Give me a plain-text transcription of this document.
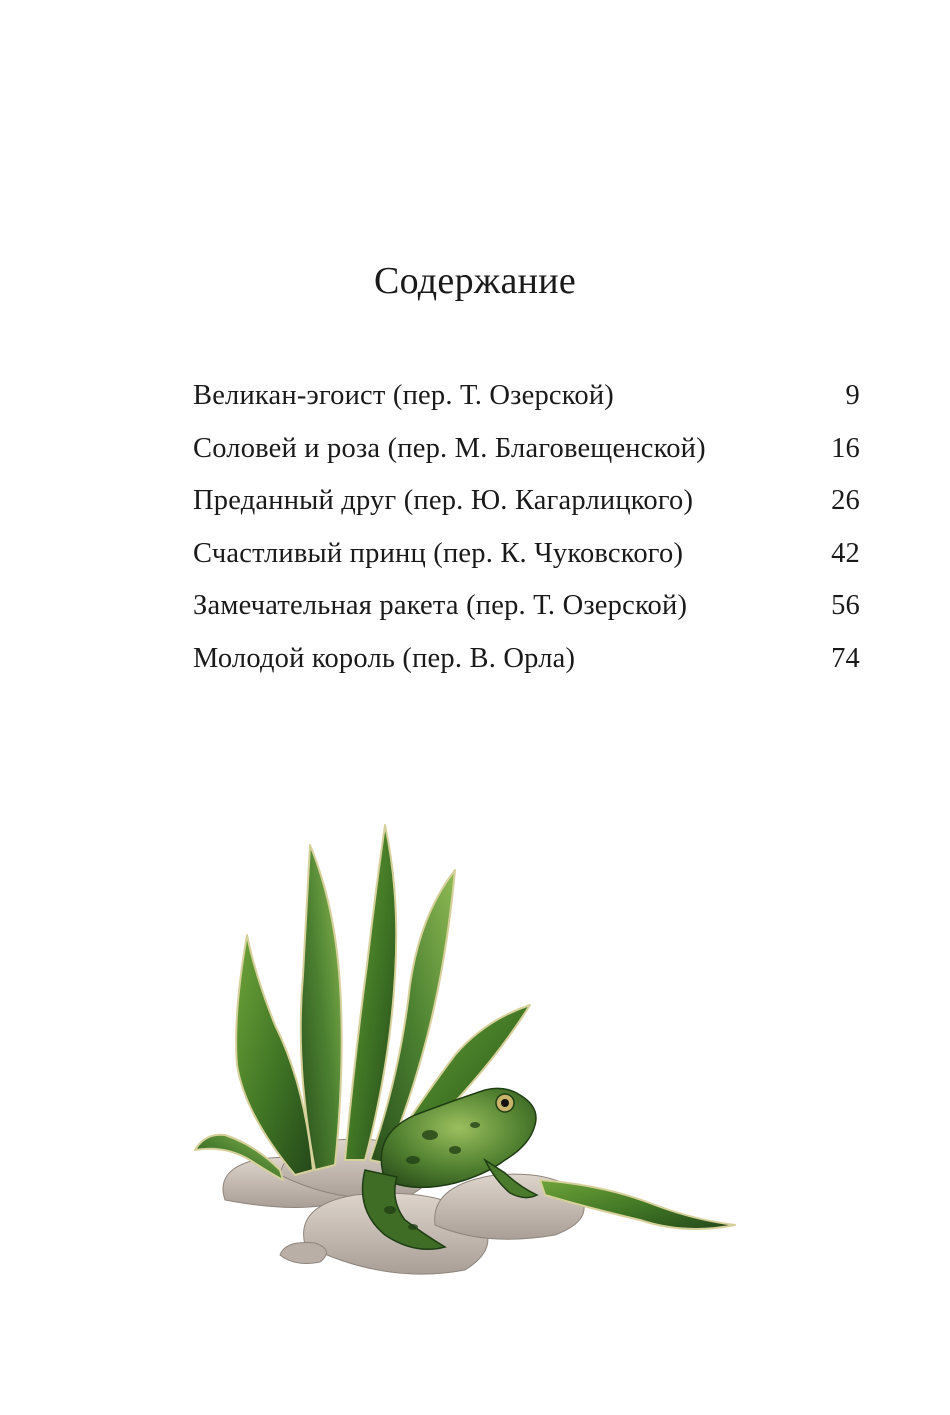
Содержание
Великан-эгоист (пер. Т. Озерской)	9
Соловей и роза (пер. М. Благовещенской)	16
Преданный друг (пер. Ю. Кагарлицкого)	26
Счастливый принц (пер. К. Чуковского)	42
Замечательная ракета (пер. Т. Озерской)	56
Молодой король (пер. В. Орла)	74
